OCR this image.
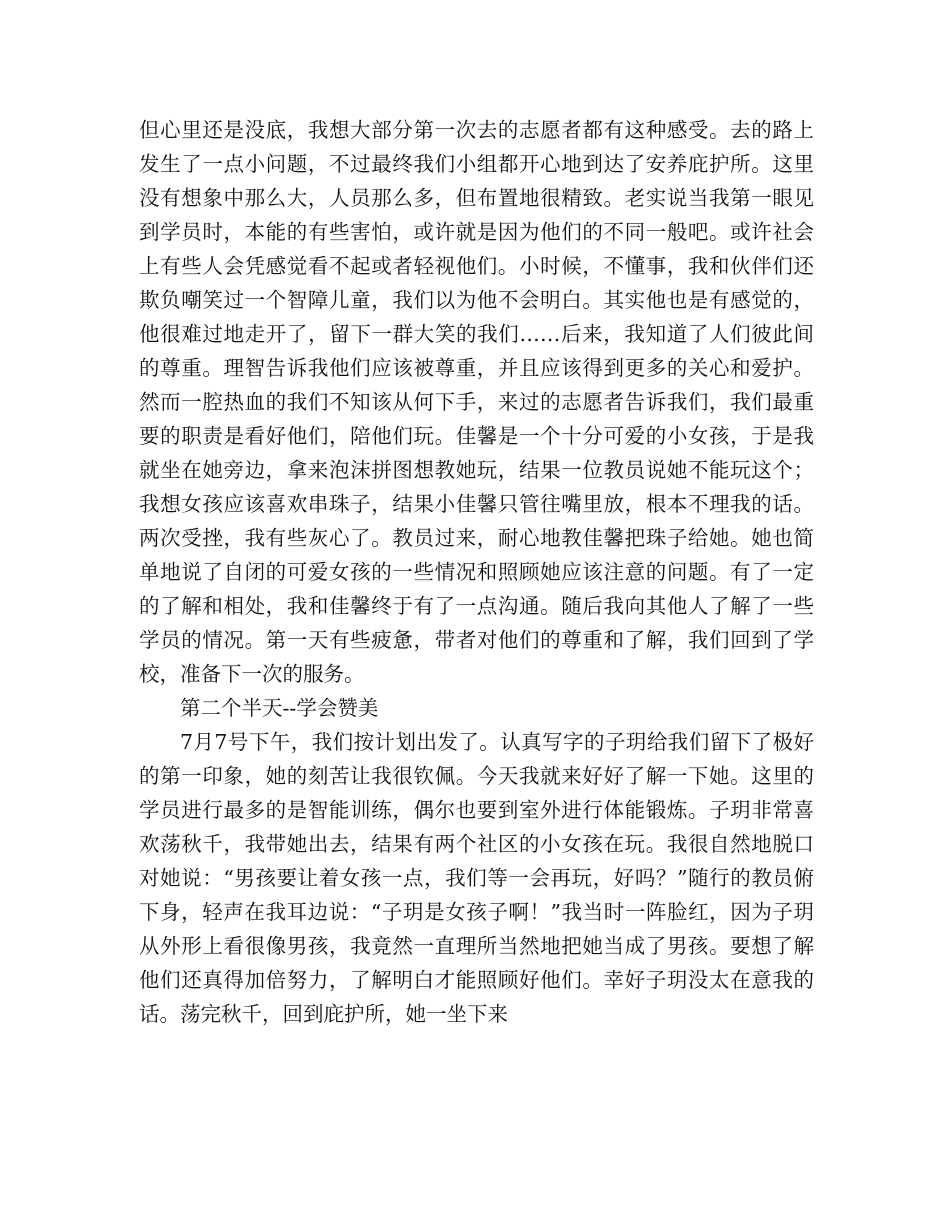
但心里还是没底，我想大部分第一次去的志愿者都有这种感受。去的路上发生了一点小问题，不过最终我们小组都开心地到达了安养庇护所。这里没有想象中那么大，人员那么多，但布置地很精致。老实说当我第一眼见到学员时，本能的有些害怕，或许就是因为他们的不同一般吧。或许社会上有些人会凭感觉看不起或者轻视他们。小时候，不懂事，我和伙伴们还欺负嘲笑过一个智障儿童，我们以为他不会明白。其实他也是有感觉的，他很难过地走开了，留下一群大笑的我们……后来，我知道了人们彼此间的尊重。理智告诉我他们应该被尊重，并且应该得到更多的关心和爱护。然而一腔热血的我们不知该从何下手，来过的志愿者告诉我们，我们最重要的职责是看好他们，陪他们玩。佳馨是一个十分可爱的小女孩，于是我就坐在她旁边，拿来泡沫拼图想教她玩，结果一位教员说她不能玩这个；我想女孩应该喜欢串珠子，结果小佳馨只管往嘴里放，根本不理我的话。两次受挫，我有些灰心了。教员过来，耐心地教佳馨把珠子给她。她也简单地说了自闭的可爱女孩的一些情况和照顾她应该注意的问题。有了一定的了解和相处，我和佳馨终于有了一点沟通。随后我向其他人了解了一些学员的情况。第一天有些疲惫，带者对他们的尊重和了解，我们回到了学校，准备下一次的服务。

第二个半天--学会赞美

7月7号下午，我们按计划出发了。认真写字的子玥给我们留下了极好的第一印象，她的刻苦让我很钦佩。今天我就来好好了解一下她。这里的学员进行最多的是智能训练，偶尔也要到室外进行体能锻炼。子玥非常喜欢荡秋千，我带她出去，结果有两个社区的小女孩在玩。我很自然地脱口对她说：“男孩要让着女孩一点，我们等一会再玩，好吗？”随行的教员俯下身，轻声在我耳边说：“子玥是女孩子啊！”我当时一阵脸红，因为子玥从外形上看很像男孩，我竟然一直理所当然地把她当成了男孩。要想了解他们还真得加倍努力，了解明白才能照顾好他们。幸好子玥没太在意我的话。荡完秋千，回到庇护所，她一坐下来
